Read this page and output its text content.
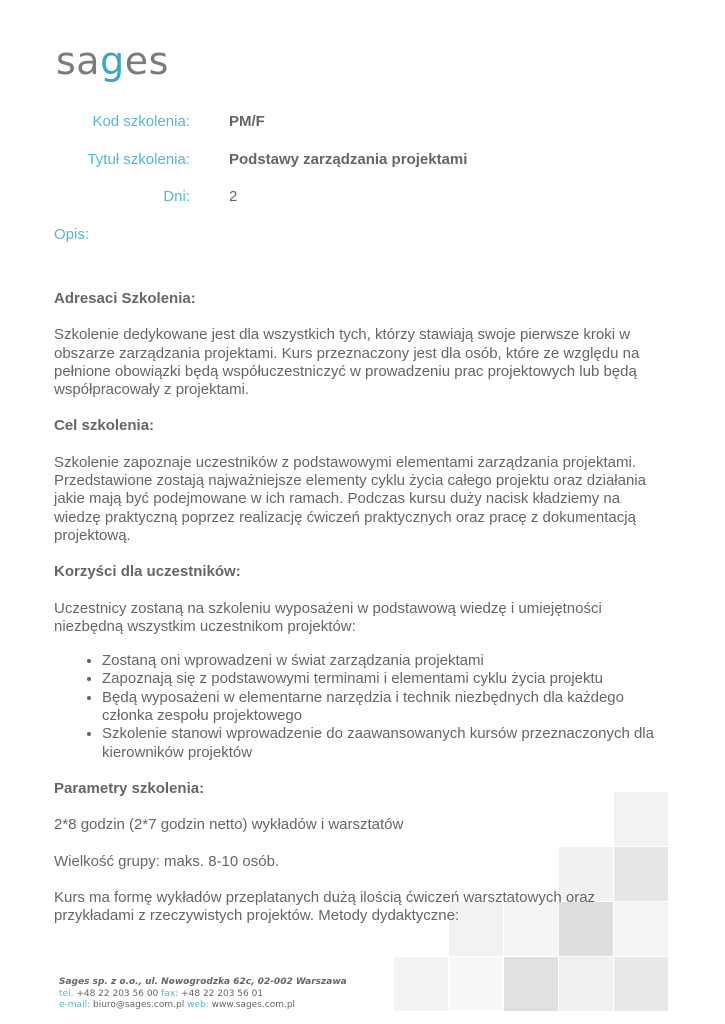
sages
Kod szkolenia:	PM/F
Tytuł szkolenia:	Podstawy zarządzania projektami
Dni:	2
Opis:
Adresaci Szkolenia:

Szkolenie dedykowane jest dla wszystkich tych, którzy stawiają swoje pierwsze kroki w obszarze zarządzania projektami. Kurs przeznaczony jest dla osób, które ze względu na pełnione obowiązki będą współuczestniczyć w prowadzeniu prac projektowych lub będą współpracowały z projektami.

Cel szkolenia:

Szkolenie zapoznaje uczestników z podstawowymi elementami zarządzania projektami. Przedstawione zostają najważniejsze elementy cyklu życia całego projektu oraz działania jakie mają być podejmowane w ich ramach. Podczas kursu duży nacisk kładziemy na wiedzę praktyczną poprzez realizację ćwiczeń praktycznych oraz pracę z dokumentacją projektową.

Korzyści dla uczestników:

Uczestnicy zostaną na szkoleniu wyposażeni w podstawową wiedzę i umiejętności niezbędną wszystkim uczestnikom projektów:

• Zostaną oni wprowadzeni w świat zarządzania projektami
• Zapoznają się z podstawowymi terminami i elementami cyklu życia projektu
• Będą wyposażeni w elementarne narzędzia i technik niezbędnych dla każdego członka zespołu projektowego
• Szkolenie stanowi wprowadzenie do zaawansowanych kursów przeznaczonych dla kierowników projektów
Parametry szkolenia:

2*8 godzin (2*7 godzin netto) wykładów i warsztatów

Wielkość grupy: maks. 8-10 osób.

Kurs ma formę wykładów przeplatanych dużą ilością ćwiczeń warsztatowych oraz przykładami z rzeczywistych projektów. Metody dydaktyczne:

Sages sp. z o.o., ul. Nowogrodzka 62c, 02-002 Warszawa
tel. +48 22 203 56 00 fax: +48 22 203 56 01
e-mail: biuro@sages.com.pl web: www.sages.com.pl
